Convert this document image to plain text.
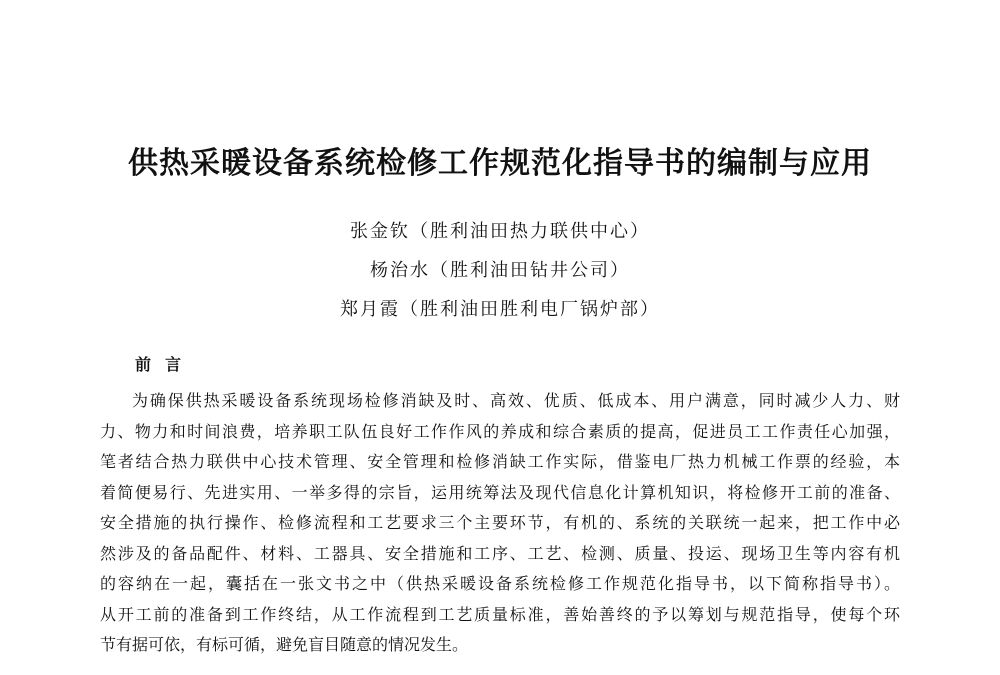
供热采暖设备系统检修工作规范化指导书的编制与应用

张金钦（胜利油田热力联供中心）

杨治水（胜利油田钻井公司）

郑月霞（胜利油田胜利电厂锅炉部）

前言
为确保供热采暖设备系统现场检修消缺及时、高效、优质、低成本、用户满意，同时减少人力、财
力、物力和时间浪费，培养职工队伍良好工作作风的养成和综合素质的提高，促进员工工作责任心加强，
笔者结合热力联供中心技术管理、安全管理和检修消缺工作实际，借鉴电厂热力机械工作票的经验，本
着简便易行、先进实用、一举多得的宗旨，运用统筹法及现代信息化计算机知识，将检修开工前的准备、
安全措施的执行操作、检修流程和工艺要求三个主要环节，有机的、系统的关联统一起来，把工作中必
然涉及的备品配件、材料、工器具、安全措施和工序、工艺、检测、质量、投运、现场卫生等内容有机
的容纳在一起，囊括在一张文书之中（供热采暖设备系统检修工作规范化指导书，以下简称指导书）。
从开工前的准备到工作终结，从工作流程到工艺质量标准，善始善终的予以筹划与规范指导，使每个环
节有据可依，有标可循，避免盲目随意的情况发生。
